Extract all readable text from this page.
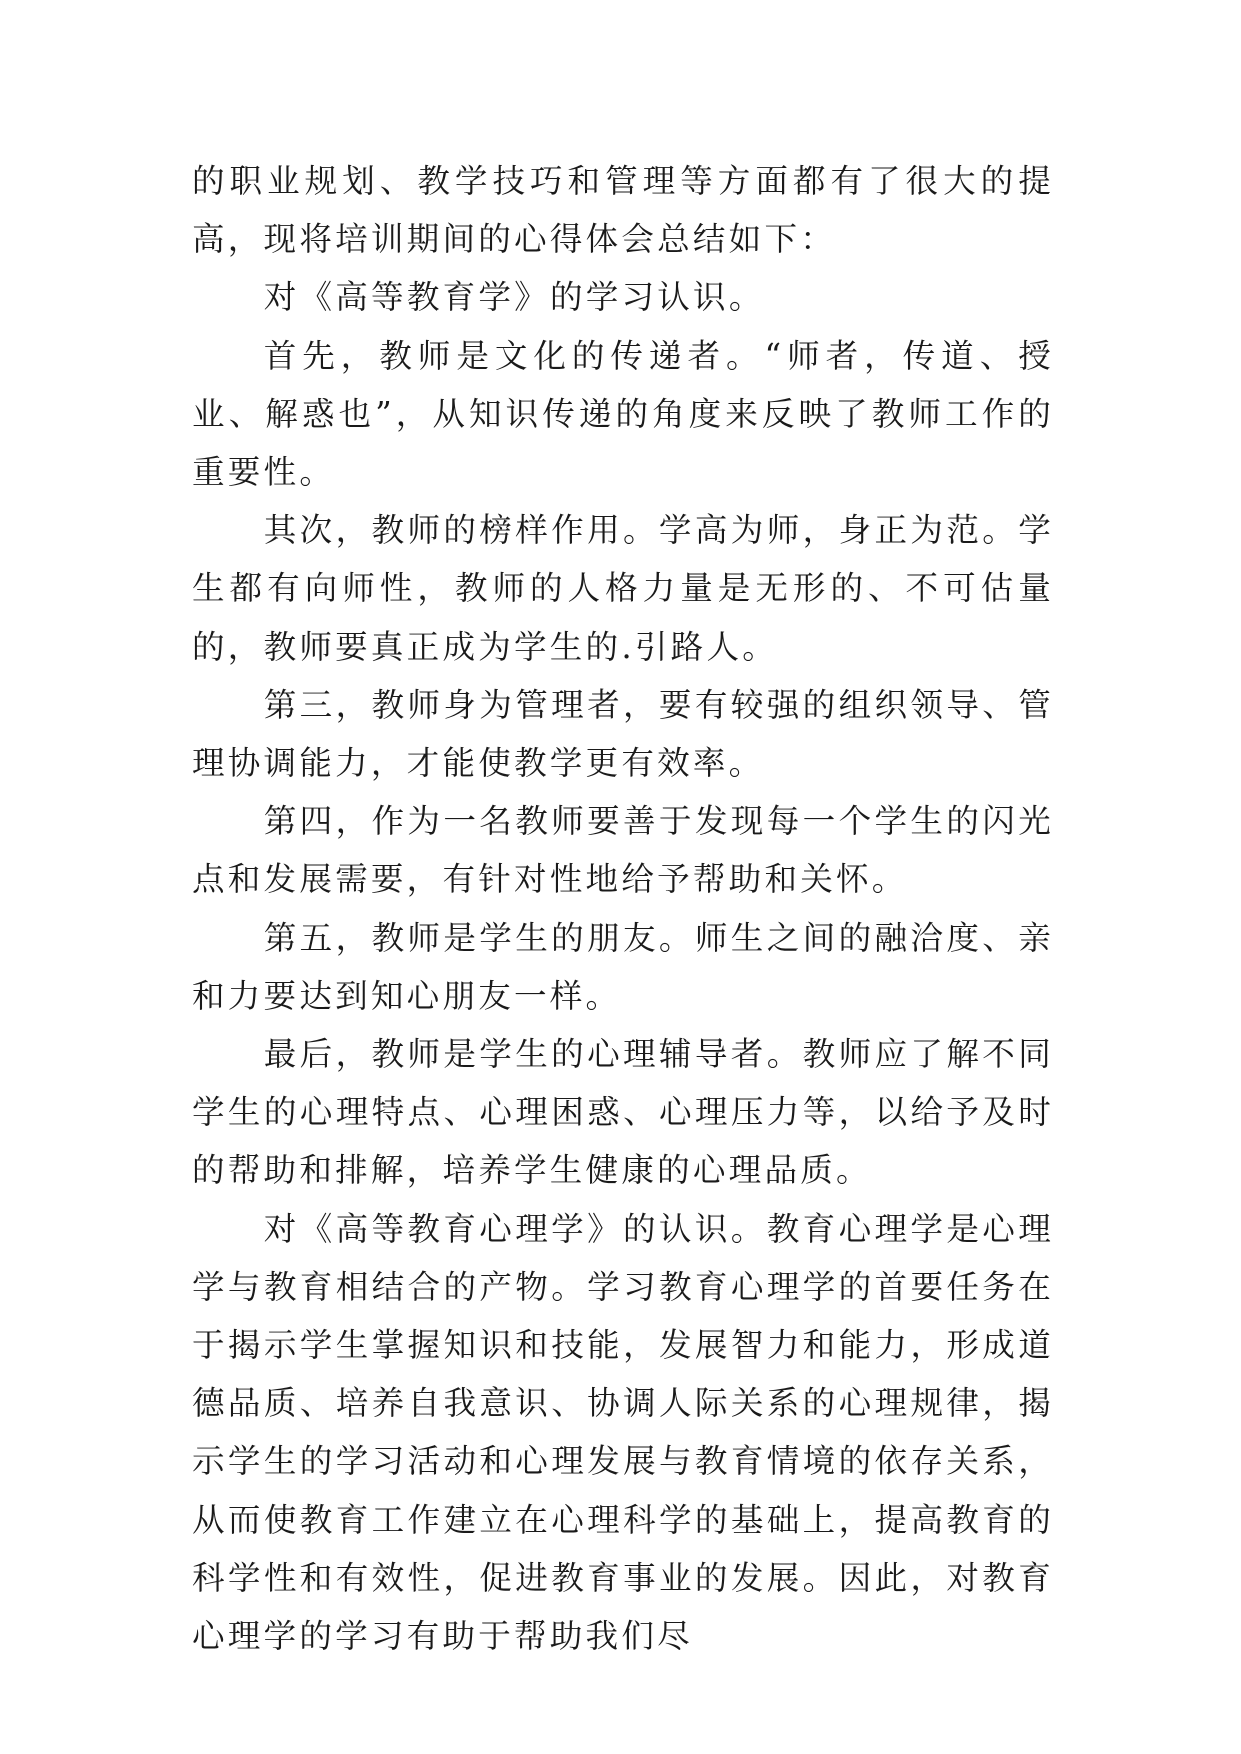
的职业规划、教学技巧和管理等方面都有了很大的提高，现将培训期间的心得体会总结如下：

对《高等教育学》的学习认识。

首先，教师是文化的传递者。“师者，传道、授业、解惑也”，从知识传递的角度来反映了教师工作的重要性。

其次，教师的榜样作用。学高为师，身正为范。学生都有向师性，教师的人格力量是无形的、不可估量的，教师要真正成为学生的.引路人。

第三，教师身为管理者，要有较强的组织领导、管理协调能力，才能使教学更有效率。

第四，作为一名教师要善于发现每一个学生的闪光点和发展需要，有针对性地给予帮助和关怀。

第五，教师是学生的朋友。师生之间的融洽度、亲和力要达到知心朋友一样。

最后，教师是学生的心理辅导者。教师应了解不同学生的心理特点、心理困惑、心理压力等，以给予及时的帮助和排解，培养学生健康的心理品质。

对《高等教育心理学》的认识。教育心理学是心理学与教育相结合的产物。学习教育心理学的首要任务在于揭示学生掌握知识和技能，发展智力和能力，形成道德品质、培养自我意识、协调人际关系的心理规律，揭示学生的学习活动和心理发展与教育情境的依存关系，从而使教育工作建立在心理科学的基础上，提高教育的科学性和有效性，促进教育事业的发展。因此，对教育心理学的学习有助于帮助我们尽
